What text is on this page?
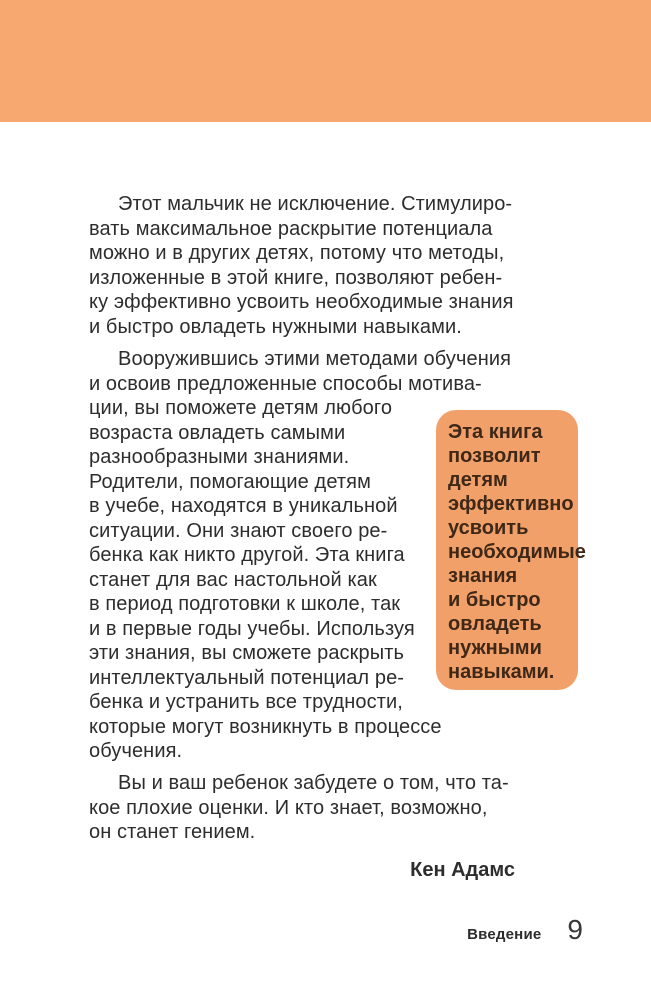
Этот мальчик не исключение. Стимулиро-
вать максимальное раскрытие потенциала
можно и в других детях, потому что методы,
изложенные в этой книге, позволяют ребен-
ку эффективно усвоить необходимые знания
и быстро овладеть нужными навыками.
Вооружившись этими методами обучения
и освоив предложенные способы мотива-
ции, вы поможете детям любого
возраста овладеть самыми
разнообразными знаниями.
Родители, помогающие детям
в учебе, находятся в уникальной
ситуации. Они знают своего ре-
бенка как никто другой. Эта книга
станет для вас настольной как
в период подготовки к школе, так
и в первые годы учебы. Используя
эти знания, вы сможете раскрыть
интеллектуальный потенциал ре-
бенка и устранить все трудности,
которые могут возникнуть в процессе
обучения.
Эта книга
позволит
детям
эффективно
усвоить
необходимые
знания
и быстро
овладеть
нужными
навыками.
Вы и ваш ребенок забудете о том, что та-
кое плохие оценки. И кто знает, возможно,
он станет гением.
Кен Адамс
Введение 9
